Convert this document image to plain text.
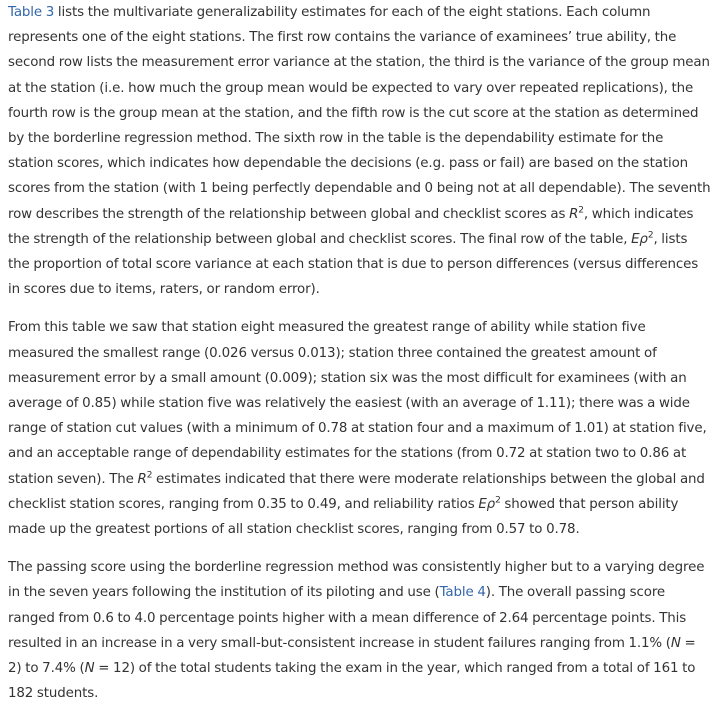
Table 3 lists the multivariate generalizability estimates for each of the eight stations. Each column represents one of the eight stations. The first row contains the variance of examinees’ true ability, the second row lists the measurement error variance at the station, the third is the variance of the group mean at the station (i.e. how much the group mean would be expected to vary over repeated replications), the fourth row is the group mean at the station, and the fifth row is the cut score at the station as determined by the borderline regression method. The sixth row in the table is the dependability estimate for the station scores, which indicates how dependable the decisions (e.g. pass or fail) are based on the station scores from the station (with 1 being perfectly dependable and 0 being not at all dependable). The seventh row describes the strength of the relationship between global and checklist scores as $R^2$, which indicates the strength of the relationship between global and checklist scores. The final row of the table, $E\rho^2$, lists the proportion of total score variance at each station that is due to person differences (versus differences in scores due to items, raters, or random error).

From this table we saw that station eight measured the greatest range of ability while station five measured the smallest range (0.026 versus 0.013); station three contained the greatest amount of measurement error by a small amount (0.009); station six was the most difficult for examinees (with an average of 0.85) while station five was relatively the easiest (with an average of 1.11); there was a wide range of station cut values (with a minimum of 0.78 at station four and a maximum of 1.01) at station five, and an acceptable range of dependability estimates for the stations (from 0.72 at station two to 0.86 at station seven). The $R^2$ estimates indicated that there were moderate relationships between the global and checklist station scores, ranging from 0.35 to 0.49, and reliability ratios $E\rho^2$ showed that person ability made up the greatest portions of all station checklist scores, ranging from 0.57 to 0.78.

The passing score using the borderline regression method was consistently higher but to a varying degree in the seven years following the institution of its piloting and use (Table 4). The overall passing score ranged from 0.6 to 4.0 percentage points higher with a mean difference of 2.64 percentage points. This resulted in an increase in a very small-but-consistent increase in student failures ranging from 1.1% (N = 2) to 7.4% (N = 12) of the total students taking the exam in the year, which ranged from a total of 161 to 182 students.
